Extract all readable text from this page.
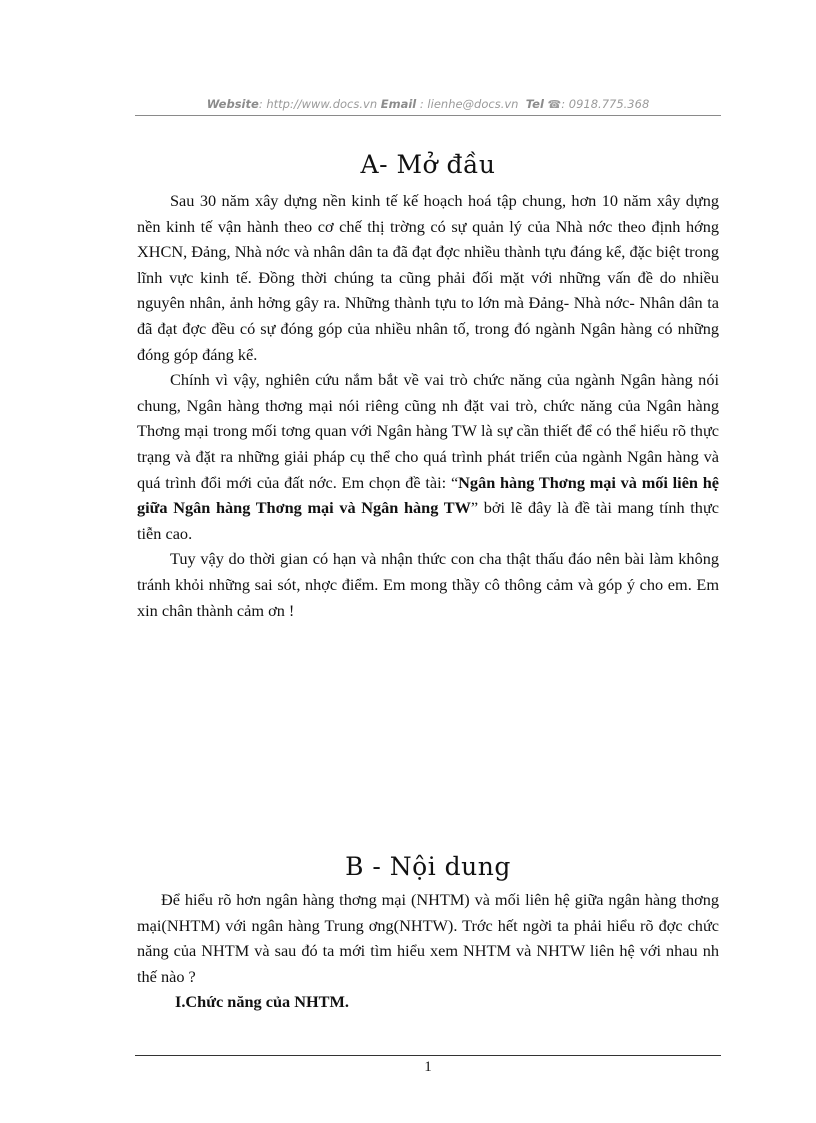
Website: http://www.docs.vn Email : lienhe@docs.vn Tel ☎: 0918.775.368
A- Mở đầu

Sau 30 năm xây dựng nền kinh tế kế hoạch hoá tập chung, hơn 10 năm xây dựng nền kinh tế vận hành theo cơ chế thị trờng có sự quản lý của Nhà nớc theo định hớng XHCN, Đảng, Nhà nớc và nhân dân ta đã đạt đợc nhiều thành tựu đáng kể, đặc biệt trong lĩnh vực kinh tế. Đồng thời chúng ta cũng phải đối mặt với những vấn đề do nhiều nguyên nhân, ảnh hởng gây ra. Những thành tựu to lớn mà Đảng- Nhà nớc- Nhân dân ta đã đạt đợc đều có sự đóng góp của nhiều nhân tố, trong đó ngành Ngân hàng có những đóng góp đáng kể.

Chính vì vậy, nghiên cứu nắm bắt về vai trò chức năng của ngành Ngân hàng nói chung, Ngân hàng thơng mại nói riêng cũng nh đặt vai trò, chức năng của Ngân hàng Thơng mại trong mối tơng quan với Ngân hàng TW là sự cần thiết để có thể hiểu rõ thực trạng và đặt ra những giải pháp cụ thể cho quá trình phát triển của ngành Ngân hàng và quá trình đổi mới của đất nớc. Em chọn đề tài: “Ngân hàng Thơng mại và mối liên hệ giữa Ngân hàng Thơng mại và Ngân hàng TW” bởi lẽ đây là đề tài mang tính thực tiễn cao.

Tuy vậy do thời gian có hạn và nhận thức con cha thật thấu đáo nên bài làm không tránh khỏi những sai sót, nhợc điểm. Em mong thầy cô thông cảm và góp ý cho em. Em xin chân thành cảm ơn !

B - Nội dung

Để hiểu rõ hơn ngân hàng thơng mại (NHTM) và mối liên hệ giữa ngân hàng thơng mại(NHTM) với ngân hàng Trung ơng(NHTW). Trớc hết ngời ta phải hiểu rõ đợc chức năng của NHTM và sau đó ta mới tìm hiểu xem NHTM và NHTW liên hệ với nhau nh thế nào ?

I.Chức năng của NHTM.
1
